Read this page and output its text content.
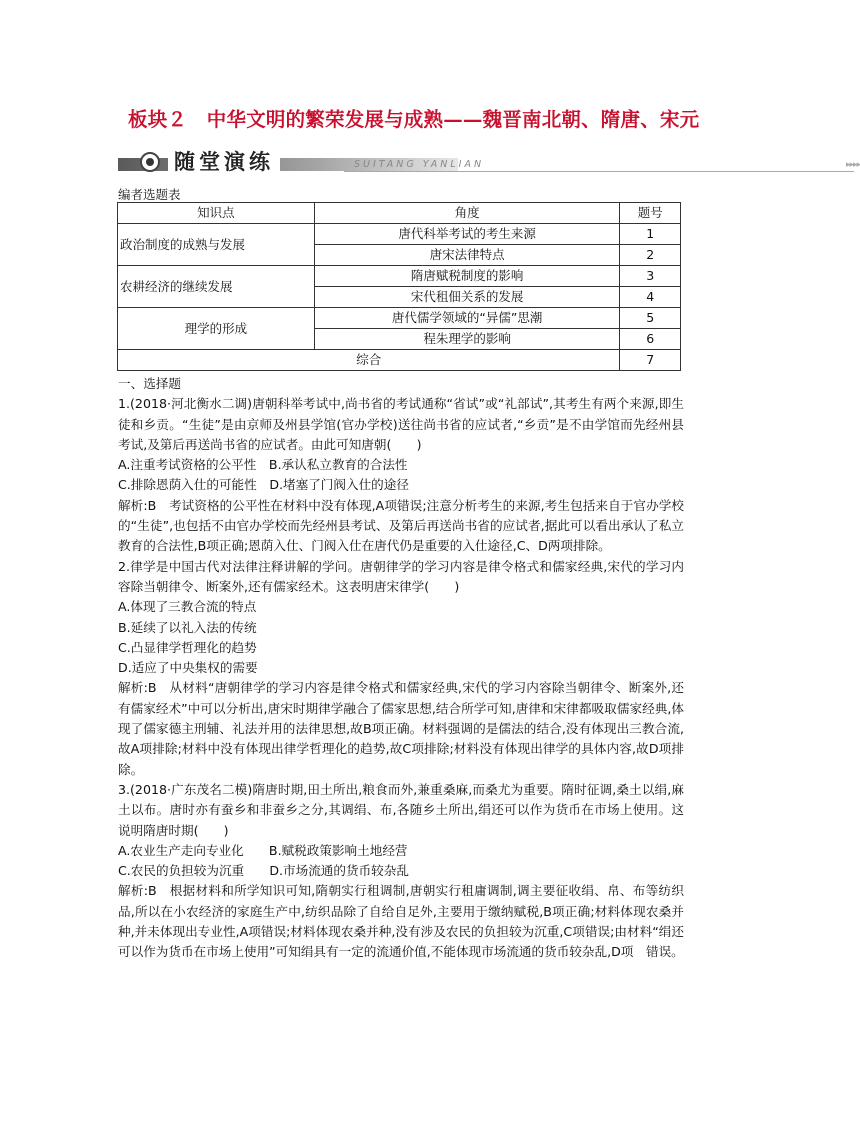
板块２　中华文明的繁荣发展与成熟——魏晋南北朝、隋唐、宋元
随堂演练	SUITANG YANLIAN	▸▸▸▸
编者选题表
知识点	角度	题号
政治制度的成熟与发展	唐代科举考试的考生来源	1
	唐宋法律特点	2
农耕经济的继续发展	隋唐赋税制度的影响	3
	宋代租佃关系的发展	4
理学的形成	唐代儒学领域的“异儒”思潮	5
	程朱理学的影响	6
综合		7

一、选择题

1.(2018·河北衡水二调)唐朝科举考试中,尚书省的考试通称“省试”或“礼部试”,其考生有两个来源,即生徒和乡贡。“生徒”是由京师及州县学馆(官办学校)送往尚书省的应试者,“乡贡”是不由学馆而先经州县考试,及第后再送尚书省的应试者。由此可知唐朝(　　)

A.注重考试资格的公平性　B.承认私立教育的合法性

C.排除恩荫入仕的可能性　D.堵塞了门阀入仕的途径

解析:B　考试资格的公平性在材料中没有体现,A项错误;注意分析考生的来源,考生包括来自于官办学校的“生徒”,也包括不由官办学校而先经州县考试、及第后再送尚书省的应试者,据此可以看出承认了私立教育的合法性,B项正确;恩荫入仕、门阀入仕在唐代仍是重要的入仕途径,C、D两项排除。

2.律学是中国古代对法律注释讲解的学问。唐朝律学的学习内容是律令格式和儒家经典,宋代的学习内容除当朝律令、断案外,还有儒家经术。这表明唐宋律学(　　)

A.体现了三教合流的特点

B.延续了以礼入法的传统

C.凸显律学哲理化的趋势

D.适应了中央集权的需要

解析:B　从材料“唐朝律学的学习内容是律令格式和儒家经典,宋代的学习内容除当朝律令、断案外,还有儒家经术”中可以分析出,唐宋时期律学融合了儒家思想,结合所学可知,唐律和宋律都吸取儒家经典,体现了儒家德主刑辅、礼法并用的法律思想,故B项正确。材料强调的是儒法的结合,没有体现出三教合流,故A项排除;材料中没有体现出律学哲理化的趋势,故C项排除;材料没有体现出律学的具体内容,故D项排除。

3.(2018·广东茂名二模)隋唐时期,田土所出,粮食而外,兼重桑麻,而桑尤为重要。隋时征调,桑土以绢,麻土以布。唐时亦有蚕乡和非蚕乡之分,其调绢、布,各随乡土所出,绢还可以作为货币在市场上使用。这说明隋唐时期(　　)

A.农业生产走向专业化　　B.赋税政策影响土地经营

C.农民的负担较为沉重　　D.市场流通的货币较杂乱

解析:B　根据材料和所学知识可知,隋朝实行租调制,唐朝实行租庸调制,调主要征收绢、帛、布等纺织品,所以在小农经济的家庭生产中,纺织品除了自给自足外,主要用于缴纳赋税,B项正确;材料体现农桑并种,并未体现出专业性,A项错误;材料体现农桑并种,没有涉及农民的负担较为沉重,C项错误;由材料“绢还可以作为货币在市场上使用”可知绢具有一定的流通价值,不能体现市场流通的货币较杂乱,D项　错误。
